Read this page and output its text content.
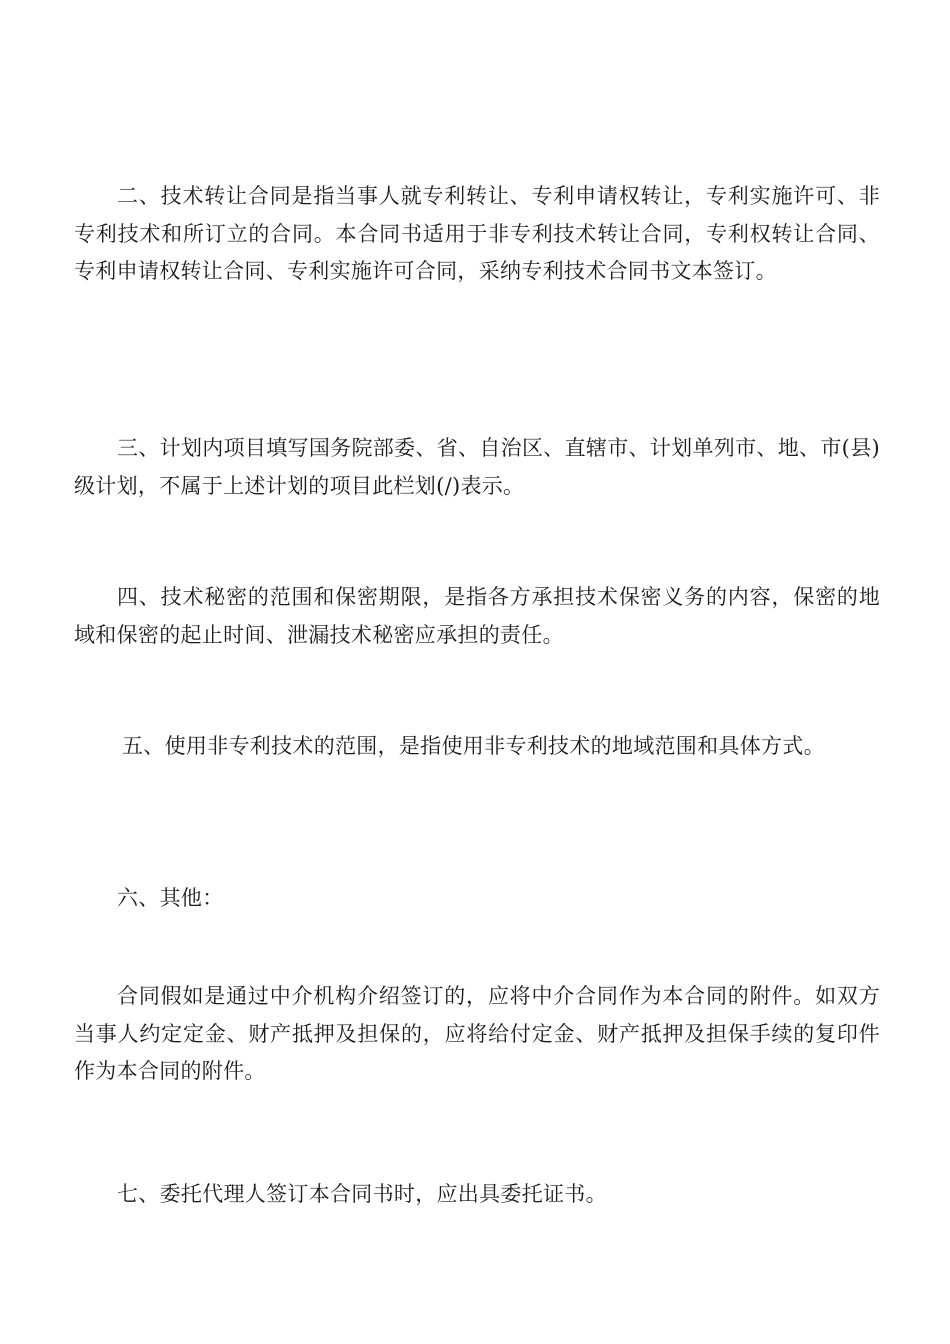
二、技术转让合同是指当事人就专利转让、专利申请权转让，专利实施许可、非专利技术和所订立的合同。本合同书适用于非专利技术转让合同，专利权转让合同、专利申请权转让合同、专利实施许可合同，采纳专利技术合同书文本签订。

三、计划内项目填写国务院部委、省、自治区、直辖市、计划单列市、地、市(县)级计划，不属于上述计划的项目此栏划(/)表示。

四、技术秘密的范围和保密期限，是指各方承担技术保密义务的内容，保密的地域和保密的起止时间、泄漏技术秘密应承担的责任。

五、使用非专利技术的范围，是指使用非专利技术的地域范围和具体方式。

六、其他：

合同假如是通过中介机构介绍签订的，应将中介合同作为本合同的附件。如双方当事人约定定金、财产抵押及担保的，应将给付定金、财产抵押及担保手续的复印件作为本合同的附件。

七、委托代理人签订本合同书时，应出具委托证书。
